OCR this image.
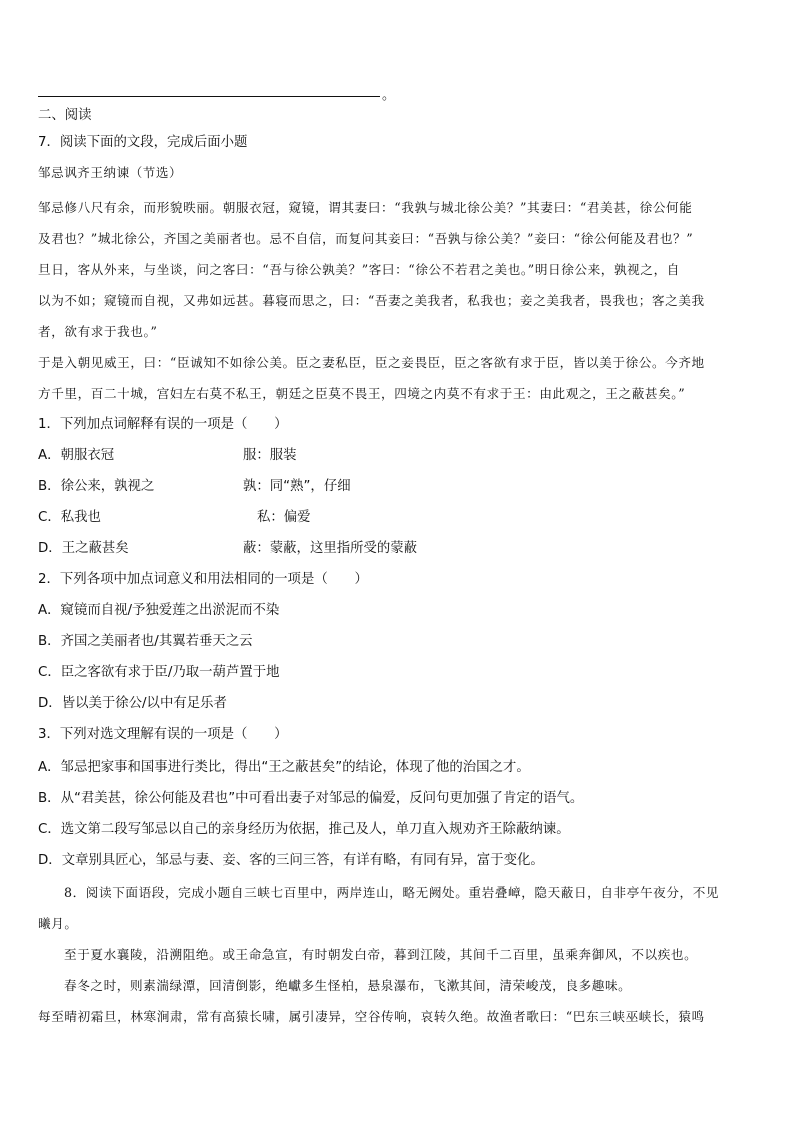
。
二、阅读
7．阅读下面的文段，完成后面小题
邹忌讽齐王纳谏（节选）
邹忌修八尺有余，而形貌昳丽。朝服衣冠，窥镜，谓其妻曰：“我孰与城北徐公美？”其妻曰：“君美甚，徐公何能
及君也？”城北徐公，齐国之美丽者也。忌不自信，而复问其妾曰：“吾孰与徐公美？”妾曰：“徐公何能及君也？”
旦日，客从外来，与坐谈，问之客曰：“吾与徐公孰美？”客曰：“徐公不若君之美也。”明日徐公来，孰视之，自
以为不如；窥镜而自视，又弗如远甚。暮寝而思之，曰：“吾妻之美我者，私我也；妾之美我者，畏我也；客之美我
者，欲有求于我也。”
于是入朝见威王，曰：“臣诚知不如徐公美。臣之妻私臣，臣之妾畏臣，臣之客欲有求于臣，皆以美于徐公。今齐地
方千里，百二十城，宫妇左右莫不私王，朝廷之臣莫不畏王，四境之内莫不有求于王：由此观之，王之蔽甚矣。”
1．下列加点词解释有误的一项是（　　）
A．朝服衣冠	服：服装
B．徐公来，孰视之	孰：同“熟”，仔细
C．私我也	私：偏爱
D．王之蔽甚矣	蔽：蒙蔽，这里指所受的蒙蔽
2．下列各项中加点词意义和用法相同的一项是（　　）
A．窥镜而自视/予独爱莲之出淤泥而不染
B．齐国之美丽者也/其翼若垂天之云
C．臣之客欲有求于臣/乃取一葫芦置于地
D．皆以美于徐公/以中有足乐者
3．下列对选文理解有误的一项是（　　）
A．邹忌把家事和国事进行类比，得出“王之蔽甚矣”的结论，体现了他的治国之才。
B．从“君美甚，徐公何能及君也”中可看出妻子对邹忌的偏爱，反问句更加强了肯定的语气。
C．选文第二段写邹忌以自己的亲身经历为依据，推己及人，单刀直入规劝齐王除蔽纳谏。
D．文章别具匠心，邹忌与妻、妾、客的三问三答，有详有略，有同有异，富于变化。
8．阅读下面语段，完成小题自三峡七百里中，两岸连山，略无阙处。重岩叠嶂，隐天蔽日，自非亭午夜分，不见
曦月。
至于夏水襄陵，沿溯阻绝。或王命急宣，有时朝发白帝，暮到江陵，其间千二百里，虽乘奔御风，不以疾也。
春冬之时，则素湍绿潭，回清倒影，绝巘多生怪柏，悬泉瀑布，飞漱其间，清荣峻茂，良多趣味。
每至晴初霜旦，林寒涧肃，常有高猿长啸，属引凄异，空谷传响，哀转久绝。故渔者歌曰：“巴东三峡巫峡长，猿鸣
